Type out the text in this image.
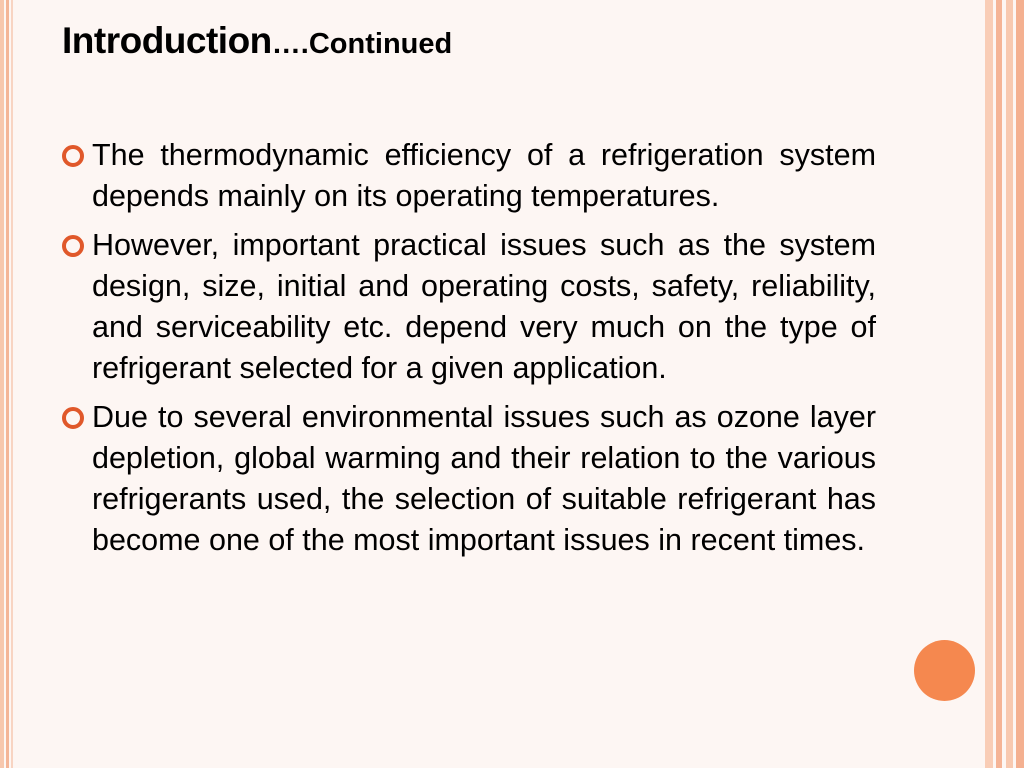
Introduction….Continued
The thermodynamic efficiency of a refrigeration system depends mainly on its operating temperatures.
However, important practical issues such as the system design, size, initial and operating costs, safety, reliability, and serviceability etc. depend very much on the type of refrigerant selected for a given application.
Due to several environmental issues such as ozone layer depletion, global warming and their relation to the various refrigerants used, the selection of suitable refrigerant has become one of the most important issues in recent times.
